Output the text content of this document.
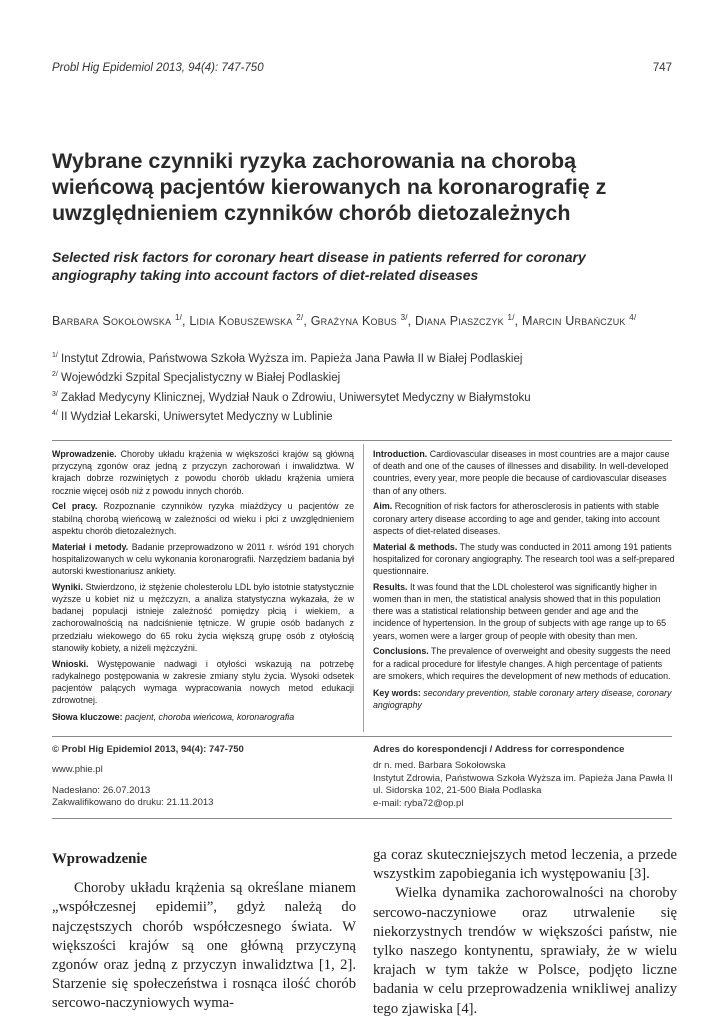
Probl Hig Epidemiol 2013, 94(4): 747-750	747
Wybrane czynniki ryzyka zachorowania na chorobą wieńcową pacjentów kierowanych na koronarografię z uwzględnieniem czynników chorób dietozależnych
Selected risk factors for coronary heart disease in patients referred for coronary angiography taking into account factors of diet-related diseases
Barbara Sokołowska $^{1/}$, Lidia Kobuszewska $^{2/}$, Grażyna Kobus $^{3/}$, Diana Piaszczyk $^{1/}$, Marcin Urbańczuk $^{4/}$
$^{1/}$ Instytut Zdrowia, Państwowa Szkoła Wyższa im. Papieża Jana Pawła II w Białej Podlaskiej
$^{2/}$ Wojewódzki Szpital Specjalistyczny w Białej Podlaskiej
$^{3/}$ Zakład Medycyny Klinicznej, Wydział Nauk o Zdrowiu, Uniwersytet Medyczny w Białymstoku
$^{4/}$ II Wydział Lekarski, Uniwersytet Medyczny w Lublinie

Wprowadzenie. Choroby układu krążenia w większości krajów są główną przyczyną zgonów oraz jedną z przyczyn zachorowań i inwalidztwa. W krajach dobrze rozwiniętych z powodu chorób układu krążenia umiera rocznie więcej osób niż z powodu innych chorób.

Cel pracy. Rozpoznanie czynników ryzyka miażdżycy u pacjentów ze stabilną chorobą wieńcową w zależności od wieku i płci z uwzględnieniem aspektu chorób dietozależnych.

Materiał i metody. Badanie przeprowadzono w 2011 r. wśród 191 chorych hospitalizowanych w celu wykonania koronarografii. Narzędziem badania był autorski kwestionariusz ankiety.

Wyniki. Stwierdzono, iż stężenie cholesterolu LDL było istotnie statystycznie wyższe u kobiet niż u mężczyzn, a analiza statystyczna wykazała, że w badanej populacji istnieje zależność pomiędzy płcią i wiekiem, a zachorowalnością na nadciśnienie tętnicze. W grupie osób badanych z przedziału wiekowego do 65 roku życia większą grupę osób z otyłością stanowiły kobiety, a niżeli mężczyźni.

Wnioski. Występowanie nadwagi i otyłości wskazują na potrzebę radykalnego postępowania w zakresie zmiany stylu życia. Wysoki odsetek pacjentów palących wymaga wypracowania nowych metod edukacji zdrowotnej.

Słowa kluczowe: pacjent, choroba wieńcowa, koronarografia

Introduction. Cardiovascular diseases in most countries are a major cause of death and one of the causes of illnesses and disability. In well-developed countries, every year, more people die because of cardiovascular diseases than of any others.

Aim. Recognition of risk factors for atherosclerosis in patients with stable coronary artery disease according to age and gender, taking into account aspects of diet-related diseases.

Material & methods. The study was conducted in 2011 among 191 patients hospitalized for coronary angiography. The research tool was a self-prepared questionnaire.

Results. It was found that the LDL cholesterol was significantly higher in women than in men, the statistical analysis showed that in this population there was a statistical relationship between gender and age and the incidence of hypertension. In the group of subjects with age range up to 65 years, women were a larger group of people with obesity than men.

Conclusions. The prevalence of overweight and obesity suggests the need for a radical procedure for lifestyle changes. A high percentage of patients are smokers, which requires the development of new methods of education.

Key words: secondary prevention, stable coronary artery disease, coronary angiography

© Probl Hig Epidemiol 2013, 94(4): 747-750
www.phie.pl
Nadesłano: 26.07.2013
Zakwalifikowano do druku: 21.11.2013
Adres do korespondencji / Address for correspondence
dr n. med. Barbara Sokołowska
Instytut Zdrowia, Państwowa Szkoła Wyższa im. Papieża Jana Pawła II
ul. Sidorska 102, 21-500 Biała Podlaska
e-mail: ryba72@op.pl
Wprowadzenie

Choroby układu krążenia są określane mianem „współczesnej epidemii”, gdyż należą do najczęstszych chorób współczesnego świata. W większości krajów są one główną przyczyną zgonów oraz jedną z przyczyn inwalidztwa [1, 2]. Starzenie się społeczeństwa i rosnąca ilość chorób sercowo-naczyniowych wyma-

ga coraz skuteczniejszych metod leczenia, a przede wszystkim zapobiegania ich występowaniu [3].

Wielka dynamika zachorowalności na choroby sercowo-naczyniowe oraz utrwalenie się niekorzystnych trendów w większości państw, nie tylko naszego kontynentu, sprawiały, że w wielu krajach w tym także w Polsce, podjęto liczne badania w celu przeprowadzenia wnikliwej analizy tego zjawiska [4].
